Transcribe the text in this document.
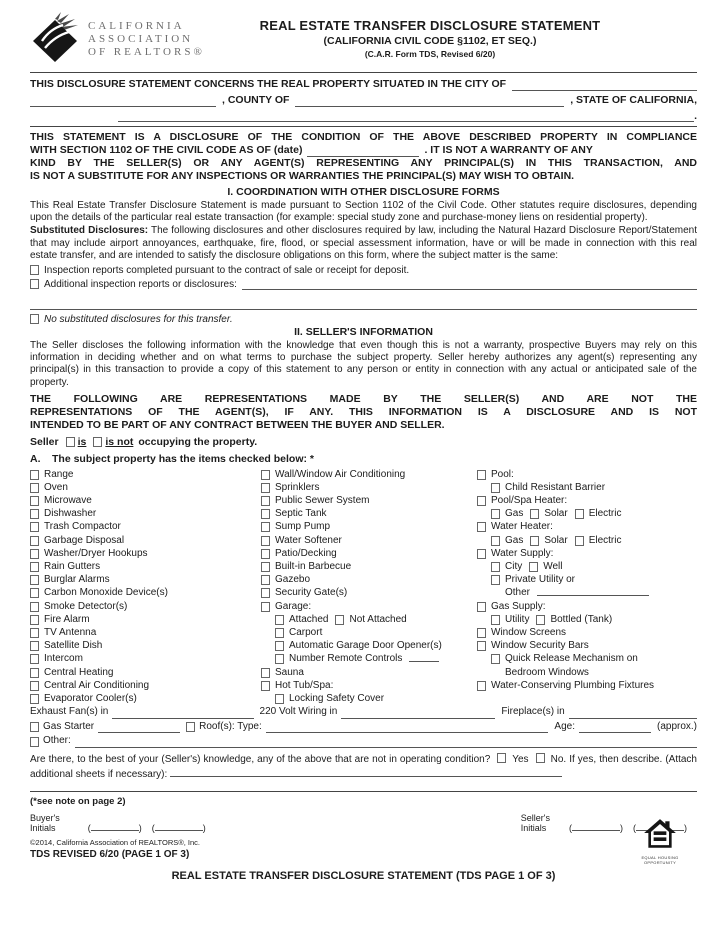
CALIFORNIA
ASSOCIATION
OF REALTORS®
REAL ESTATE TRANSFER DISCLOSURE STATEMENT
(CALIFORNIA CIVIL CODE §1102, ET SEQ.)
(C.A.R. Form TDS, Revised 6/20)
THIS DISCLOSURE STATEMENT CONCERNS THE REAL PROPERTY SITUATED IN THE CITY OF
, COUNTY OF	, STATE OF CALIFORNIA,
.
THIS STATEMENT IS A DISCLOSURE OF THE CONDITION OF THE ABOVE DESCRIBED PROPERTY IN COMPLIANCE
WITH SECTION 1102 OF THE CIVIL CODE AS OF (date)	. IT IS NOT A WARRANTY OF ANY
KIND BY THE SELLER(S) OR ANY AGENT(S) REPRESENTING ANY PRINCIPAL(S) IN THIS TRANSACTION, AND
IS NOT A SUBSTITUTE FOR ANY INSPECTIONS OR WARRANTIES THE PRINCIPAL(S) MAY WISH TO OBTAIN.
I. COORDINATION WITH OTHER DISCLOSURE FORMS

This Real Estate Transfer Disclosure Statement is made pursuant to Section 1102 of the Civil Code. Other statutes require disclosures, depending upon the details of the particular real estate transaction (for example: special study zone and purchase-money liens on residential property).

Substituted Disclosures: The following disclosures and other disclosures required by law, including the Natural Hazard Disclosure Report/Statement that may include airport annoyances, earthquake, fire, flood, or special assessment information, have or will be made in connection with this real estate transfer, and are intended to satisfy the disclosure obligations on this form, where the subject matter is the same:

Inspection reports completed pursuant to the contract of sale or receipt for deposit.
Additional inspection reports or disclosures:
No substituted disclosures for this transfer.
II. SELLER'S INFORMATION

The Seller discloses the following information with the knowledge that even though this is not a warranty, prospective Buyers may rely on this information in deciding whether and on what terms to purchase the subject property. Seller hereby authorizes any agent(s) representing any principal(s) in this transaction to provide a copy of this statement to any person or entity in connection with any actual or anticipated sale of the property.

THE FOLLOWING ARE REPRESENTATIONS MADE BY THE SELLER(S) AND ARE NOT THE
REPRESENTATIONS OF THE AGENT(S), IF ANY. THIS INFORMATION IS A DISCLOSURE AND IS NOT
INTENDED TO BE PART OF ANY CONTRACT BETWEEN THE BUYER AND SELLER.
Seller is is not occupying the property.
A.	The subject property has the items checked below: *
Range
Oven
Microwave
Dishwasher
Trash Compactor
Garbage Disposal
Washer/Dryer Hookups
Rain Gutters
Burglar Alarms
Carbon Monoxide Device(s)
Smoke Detector(s)
Fire Alarm
TV Antenna
Satellite Dish
Intercom
Central Heating
Central Air Conditioning
Evaporator Cooler(s)
Wall/Window Air Conditioning
Sprinklers
Public Sewer System
Septic Tank
Sump Pump
Water Softener
Patio/Decking
Built-in Barbecue
Gazebo
Security Gate(s)
Garage:
Attached Not Attached
Carport
Automatic Garage Door Opener(s)
Number Remote Controls
Sauna
Hot Tub/Spa:
Locking Safety Cover
Pool:
Child Resistant Barrier
Pool/Spa Heater:
Gas Solar Electric
Water Heater:
Gas Solar Electric
Water Supply:
City Well
Private Utility or
Other
Gas Supply:
Utility Bottled (Tank)
Window Screens
Window Security Bars
Quick Release Mechanism on
Bedroom Windows
Water-Conserving Plumbing Fixtures
Exhaust Fan(s) in	220 Volt Wiring in	Fireplace(s) in
Gas Starter	Roof(s): Type:	Age:	(approx.)
Other:

Are there, to the best of your (Seller's) knowledge, any of the above that are not in operating condition? Yes No. If yes, then describe. (Attach additional sheets if necessary):

(*see note on page 2)
Buyer's Initials
(  )
(  )
Seller's Initials
(  )
(  )
©2014, California Association of REALTORS®, Inc.
TDS REVISED 6/20 (PAGE 1 OF 3)
REAL ESTATE TRANSFER DISCLOSURE STATEMENT (TDS PAGE 1 OF 3)
EQUAL HOUSING
OPPORTUNITY
